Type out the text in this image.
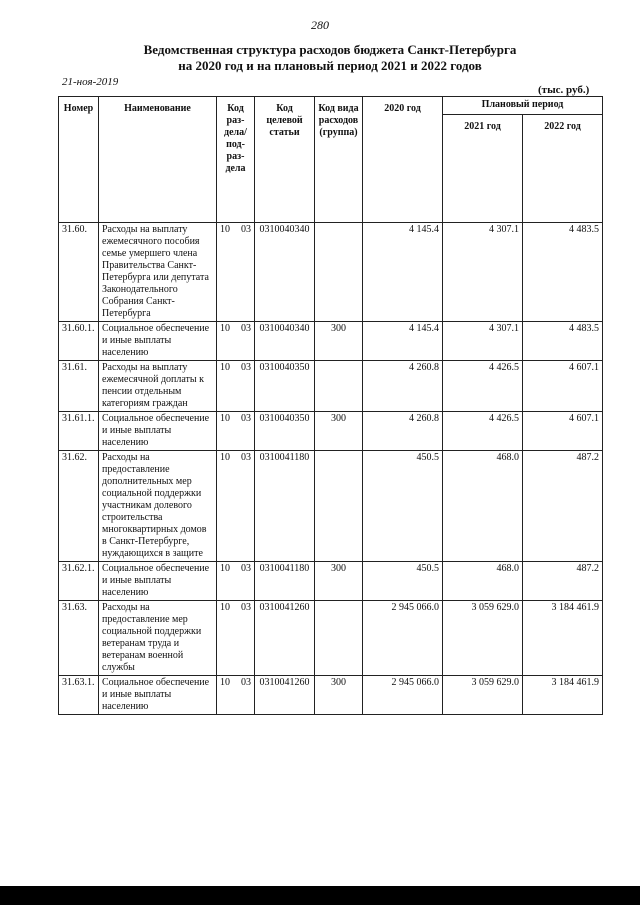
280
Ведомственная структура расходов бюджета Санкт-Петербурга
на 2020 год и на плановый период 2021 и 2022 годов
21-ноя-2019
(тыс. руб.)
Номер	Наименование	Код раз-дела/ под-раз-дела	Код целевой статьи	Код вида расходов (группа)	2020 год	Плановый период	
						2021 год	2022 год
31.60.	Расходы на выплату ежемесячного пособия семье умершего члена Правительства Санкт-Петербурга или депутата Законодательного Собрания Санкт-Петербурга	10 03	0310040340		4 145.4	4 307.1	4 483.5
31.60.1.	Социальное обеспечение и иные выплаты населению	10 03	0310040340	300	4 145.4	4 307.1	4 483.5
31.61.	Расходы на выплату ежемесячной доплаты к пенсии отдельным категориям граждан	10 03	0310040350		4 260.8	4 426.5	4 607.1
31.61.1.	Социальное обеспечение и иные выплаты населению	10 03	0310040350	300	4 260.8	4 426.5	4 607.1
31.62.	Расходы на предоставление дополнительных мер социальной поддержки участникам долевого строительства многоквартирных домов в Санкт-Петербурге, нуждающихся в защите	10 03	0310041180		450.5	468.0	487.2
31.62.1.	Социальное обеспечение и иные выплаты населению	10 03	0310041180	300	450.5	468.0	487.2
31.63.	Расходы на предоставление мер социальной поддержки ветеранам труда и ветеранам военной службы	10 03	0310041260		2 945 066.0	3 059 629.0	3 184 461.9
31.63.1.	Социальное обеспечение и иные выплаты населению	10 03	0310041260	300	2 945 066.0	3 059 629.0	3 184 461.9
